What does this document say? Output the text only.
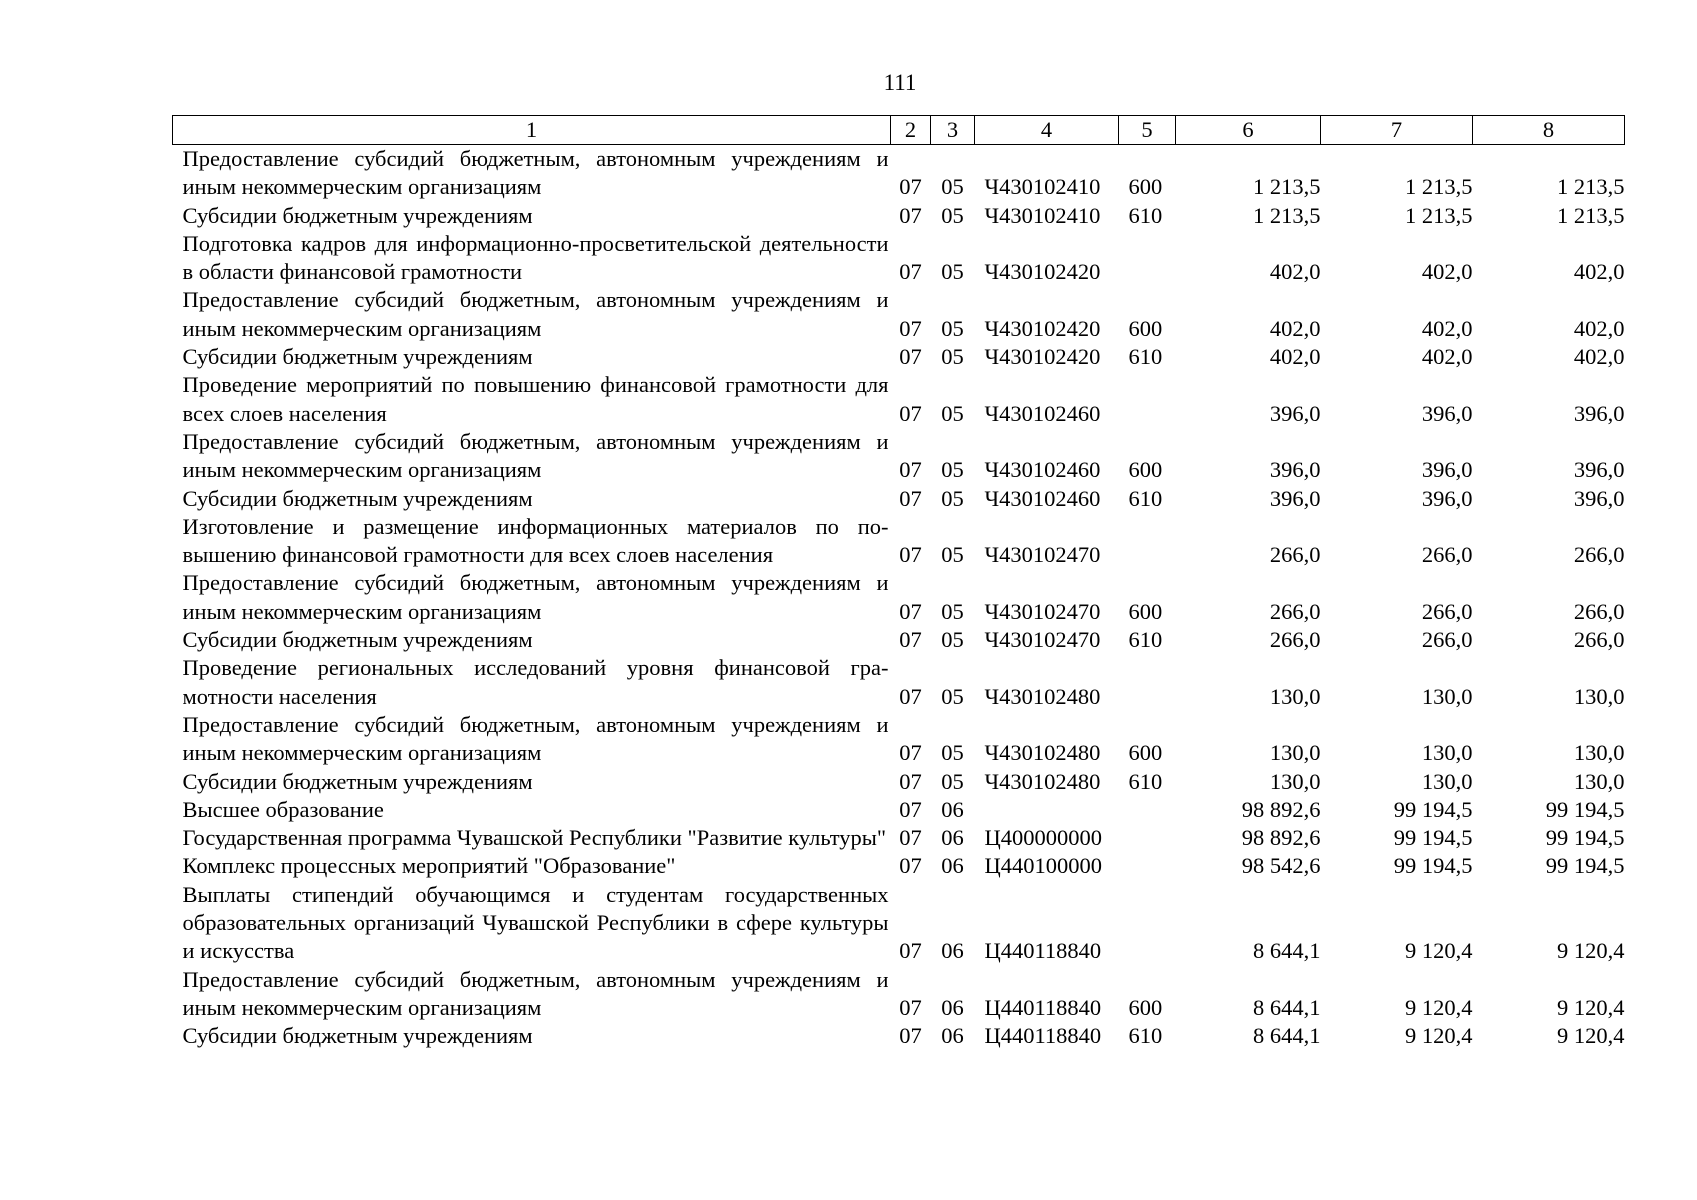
111
1	2	3	4	5	6	7	8
Предоставление субсидий бюджетным, автономным учреждениям и иным некоммерческим организациям	07	05	Ч430102410	600	1 213,5	1 213,5	1 213,5
Субсидии бюджетным учреждениям	07	05	Ч430102410	610	1 213,5	1 213,5	1 213,5
Подготовка кадров для информационно-просветительской деятельности в области финансовой грамотности	07	05	Ч430102420		402,0	402,0	402,0
Предоставление субсидий бюджетным, автономным учреждениям и иным некоммерческим организациям	07	05	Ч430102420	600	402,0	402,0	402,0
Субсидии бюджетным учреждениям	07	05	Ч430102420	610	402,0	402,0	402,0
Проведение мероприятий по повышению финансовой грамотности для всех слоев населения	07	05	Ч430102460		396,0	396,0	396,0
Предоставление субсидий бюджетным, автономным учреждениям и иным некоммерческим организациям	07	05	Ч430102460	600	396,0	396,0	396,0
Субсидии бюджетным учреждениям	07	05	Ч430102460	610	396,0	396,0	396,0
Изготовление и размещение информационных материалов по повышению финансовой грамотности для всех слоев населения	07	05	Ч430102470		266,0	266,0	266,0
Предоставление субсидий бюджетным, автономным учреждениям и иным некоммерческим организациям	07	05	Ч430102470	600	266,0	266,0	266,0
Субсидии бюджетным учреждениям	07	05	Ч430102470	610	266,0	266,0	266,0
Проведение региональных исследований уровня финансовой грамотности населения	07	05	Ч430102480		130,0	130,0	130,0
Предоставление субсидий бюджетным, автономным учреждениям и иным некоммерческим организациям	07	05	Ч430102480	600	130,0	130,0	130,0
Субсидии бюджетным учреждениям	07	05	Ч430102480	610	130,0	130,0	130,0
Высшее образование	07	06			98 892,6	99 194,5	99 194,5
Государственная программа Чувашской Республики "Развитие культуры"	07	06	Ц400000000		98 892,6	99 194,5	99 194,5
Комплекс процессных мероприятий "Образование"	07	06	Ц440100000		98 542,6	99 194,5	99 194,5
Выплаты стипендий обучающимся и студентам государственных образовательных организаций Чувашской Республики в сфере культуры и искусства	07	06	Ц440118840		8 644,1	9 120,4	9 120,4
Предоставление субсидий бюджетным, автономным учреждениям и иным некоммерческим организациям	07	06	Ц440118840	600	8 644,1	9 120,4	9 120,4
Субсидии бюджетным учреждениям	07	06	Ц440118840	610	8 644,1	9 120,4	9 120,4
